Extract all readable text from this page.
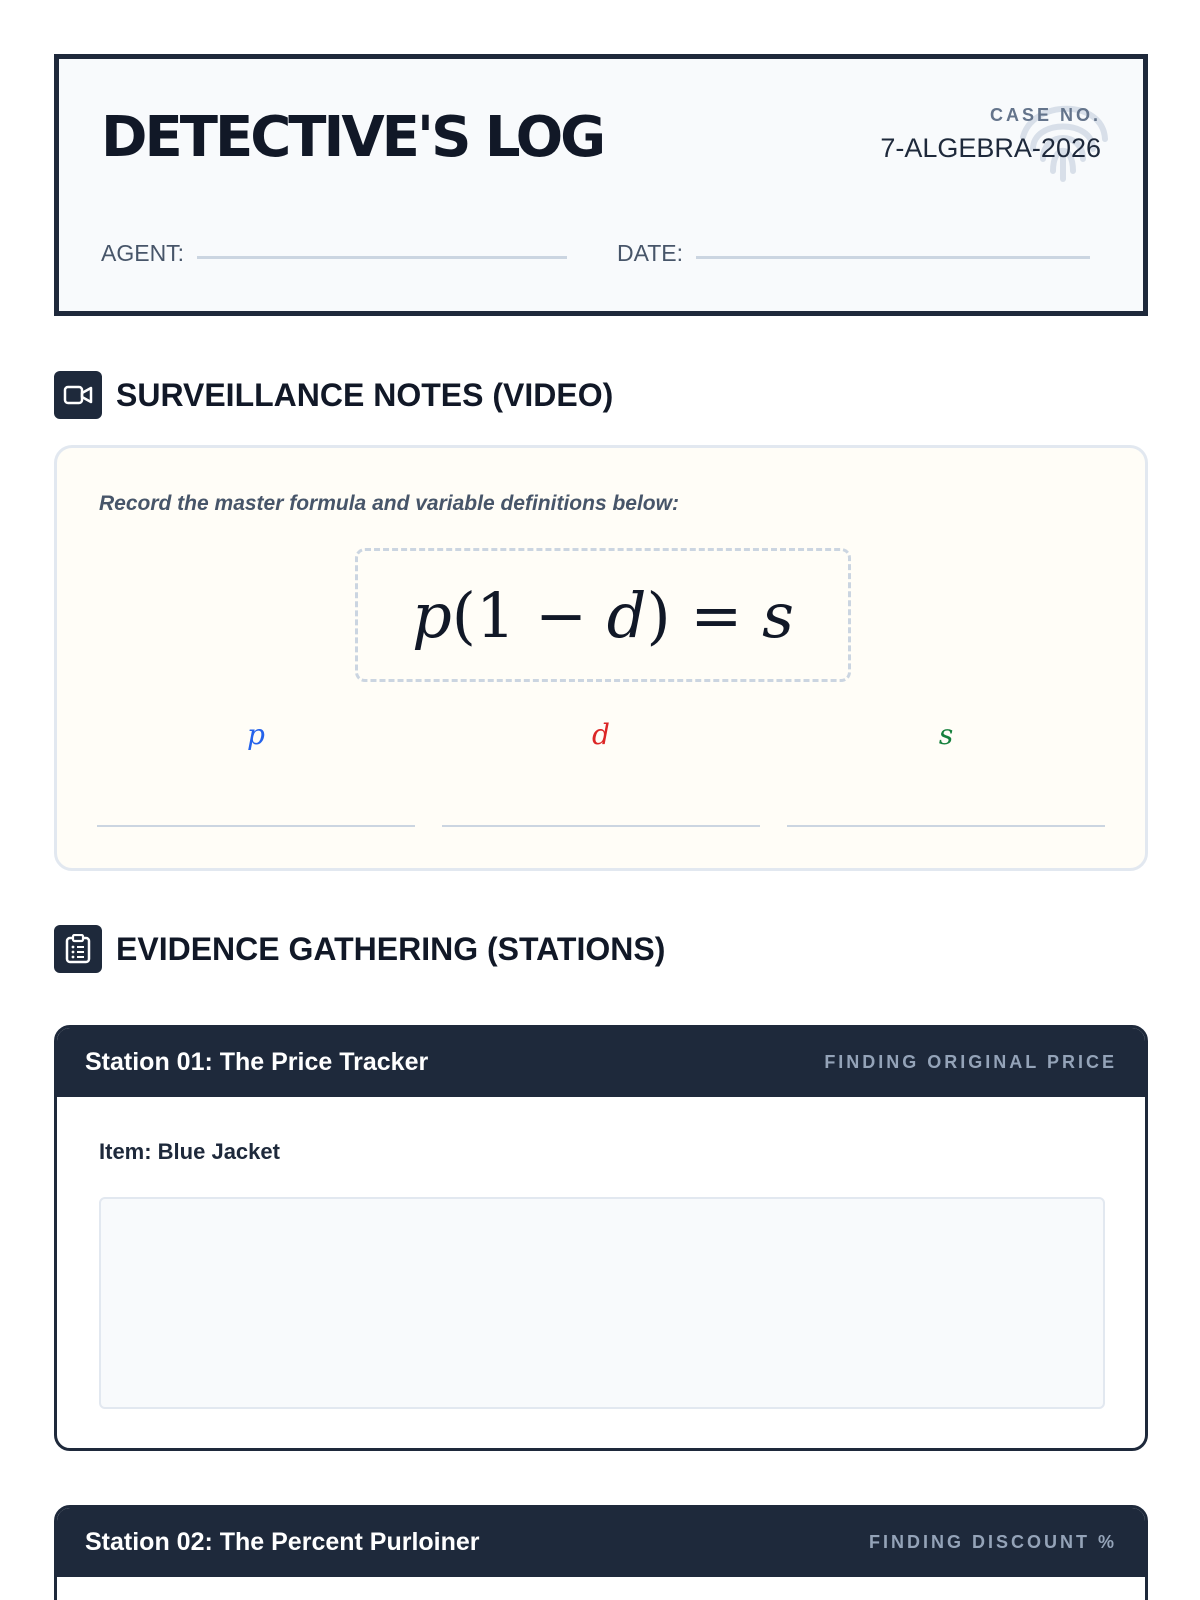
DETECTIVE'S LOG	CASE NO.
7-ALGEBRA-2026
AGENT:	DATE:
SURVEILLANCE NOTES (VIDEO)
Record the master formula and variable definitions below:
p(1 − d) = s
p	d	s
EVIDENCE GATHERING (STATIONS)
Station 01: The Price Tracker	FINDING ORIGINAL PRICE
Item: Blue Jacket
Station 02: The Percent Purloiner	FINDING DISCOUNT %
